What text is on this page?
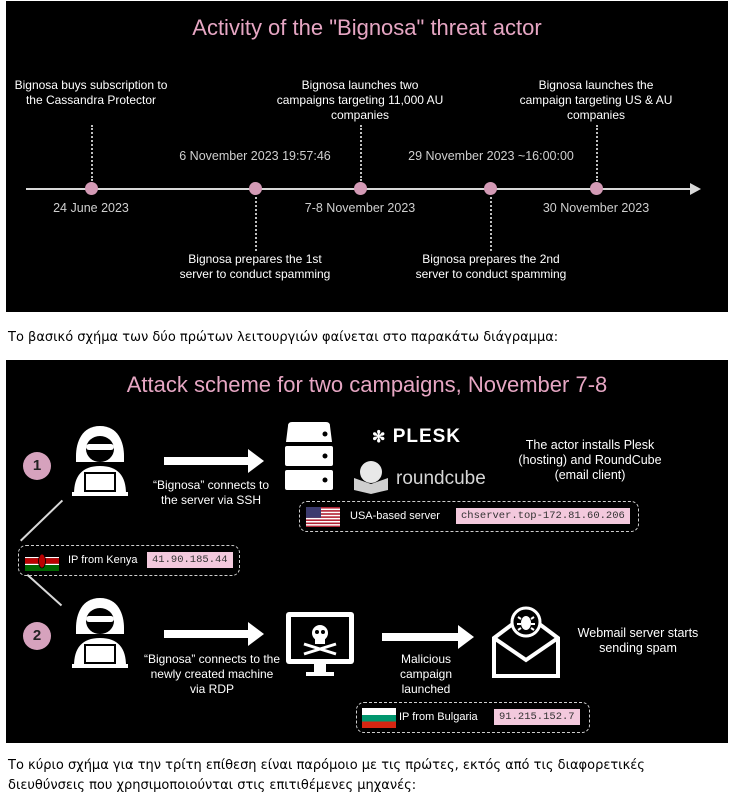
Activity of the "Bignosa" threat actor
Bignosa buys subscription to the Cassandra Protector
24 June 2023
6 November 2023 19:57:46
Bignosa prepares the 1st server to conduct spamming
Bignosa launches two campaigns targeting 11,000 AU companies
7-8 November 2023
29 November 2023 ~16:00:00
Bignosa prepares the 2nd server to conduct spamming
Bignosa launches the campaign targeting US & AU companies
30 November 2023
Το βασικό σχήμα των δύο πρώτων λειτουργιών φαίνεται στο παρακάτω διάγραμμα:
Attack scheme for two campaigns, November 7-8
1
“Bignosa” connects to the server via SSH
✻ PLESK
roundcube
The actor installs Plesk (hosting) and RoundCube (email client)
USA-based server	chserver.top-172.81.60.206
IP from Kenya	41.90.185.44
2
“Bignosa” connects to the newly created machine via RDP
Malicious campaign launched
Webmail server starts sending spam
IP from Bulgaria	91.215.152.7
Το κύριο σχήμα για την τρίτη επίθεση είναι παρόμοιο με τις πρώτες, εκτός από τις διαφορετικές
διευθύνσεις που χρησιμοποιούνται στις επιτιθέμενες μηχανές:
